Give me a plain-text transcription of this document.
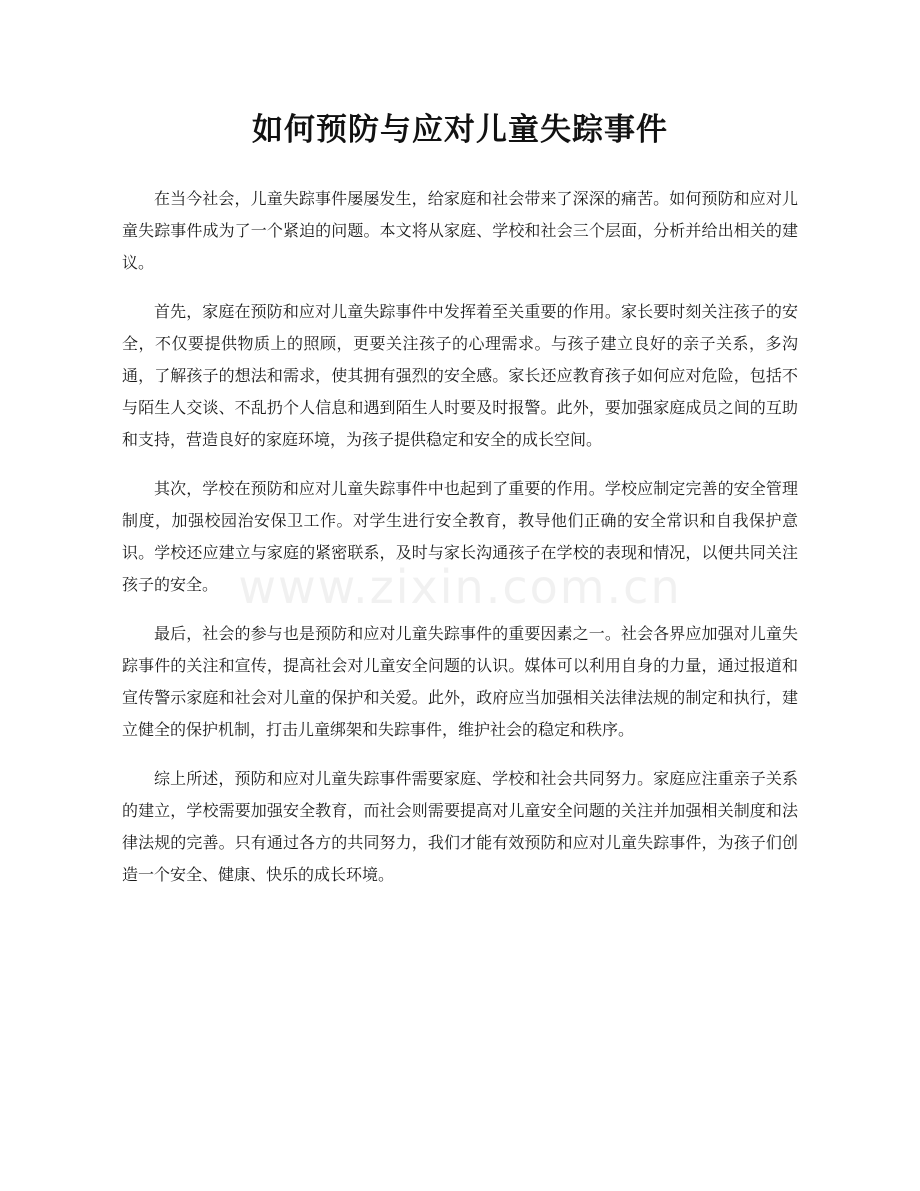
如何预防与应对儿童失踪事件

在当今社会，儿童失踪事件屡屡发生，给家庭和社会带来了深深的痛苦。如何预防和应对儿童失踪事件成为了一个紧迫的问题。本文将从家庭、学校和社会三个层面，分析并给出相关的建议。

首先，家庭在预防和应对儿童失踪事件中发挥着至关重要的作用。家长要时刻关注孩子的安全，不仅要提供物质上的照顾，更要关注孩子的心理需求。与孩子建立良好的亲子关系，多沟通，了解孩子的想法和需求，使其拥有强烈的安全感。家长还应教育孩子如何应对危险，包括不与陌生人交谈、不乱扔个人信息和遇到陌生人时要及时报警。此外，要加强家庭成员之间的互助和支持，营造良好的家庭环境，为孩子提供稳定和安全的成长空间。

其次，学校在预防和应对儿童失踪事件中也起到了重要的作用。学校应制定完善的安全管理制度，加强校园治安保卫工作。对学生进行安全教育，教导他们正确的安全常识和自我保护意识。学校还应建立与家庭的紧密联系，及时与家长沟通孩子在学校的表现和情况，以便共同关注孩子的安全。

最后，社会的参与也是预防和应对儿童失踪事件的重要因素之一。社会各界应加强对儿童失踪事件的关注和宣传，提高社会对儿童安全问题的认识。媒体可以利用自身的力量，通过报道和宣传警示家庭和社会对儿童的保护和关爱。此外，政府应当加强相关法律法规的制定和执行，建立健全的保护机制，打击儿童绑架和失踪事件，维护社会的稳定和秩序。

综上所述，预防和应对儿童失踪事件需要家庭、学校和社会共同努力。家庭应注重亲子关系的建立，学校需要加强安全教育，而社会则需要提高对儿童安全问题的关注并加强相关制度和法律法规的完善。只有通过各方的共同努力，我们才能有效预防和应对儿童失踪事件，为孩子们创造一个安全、健康、快乐的成长环境。

www.zixin.com.cn
